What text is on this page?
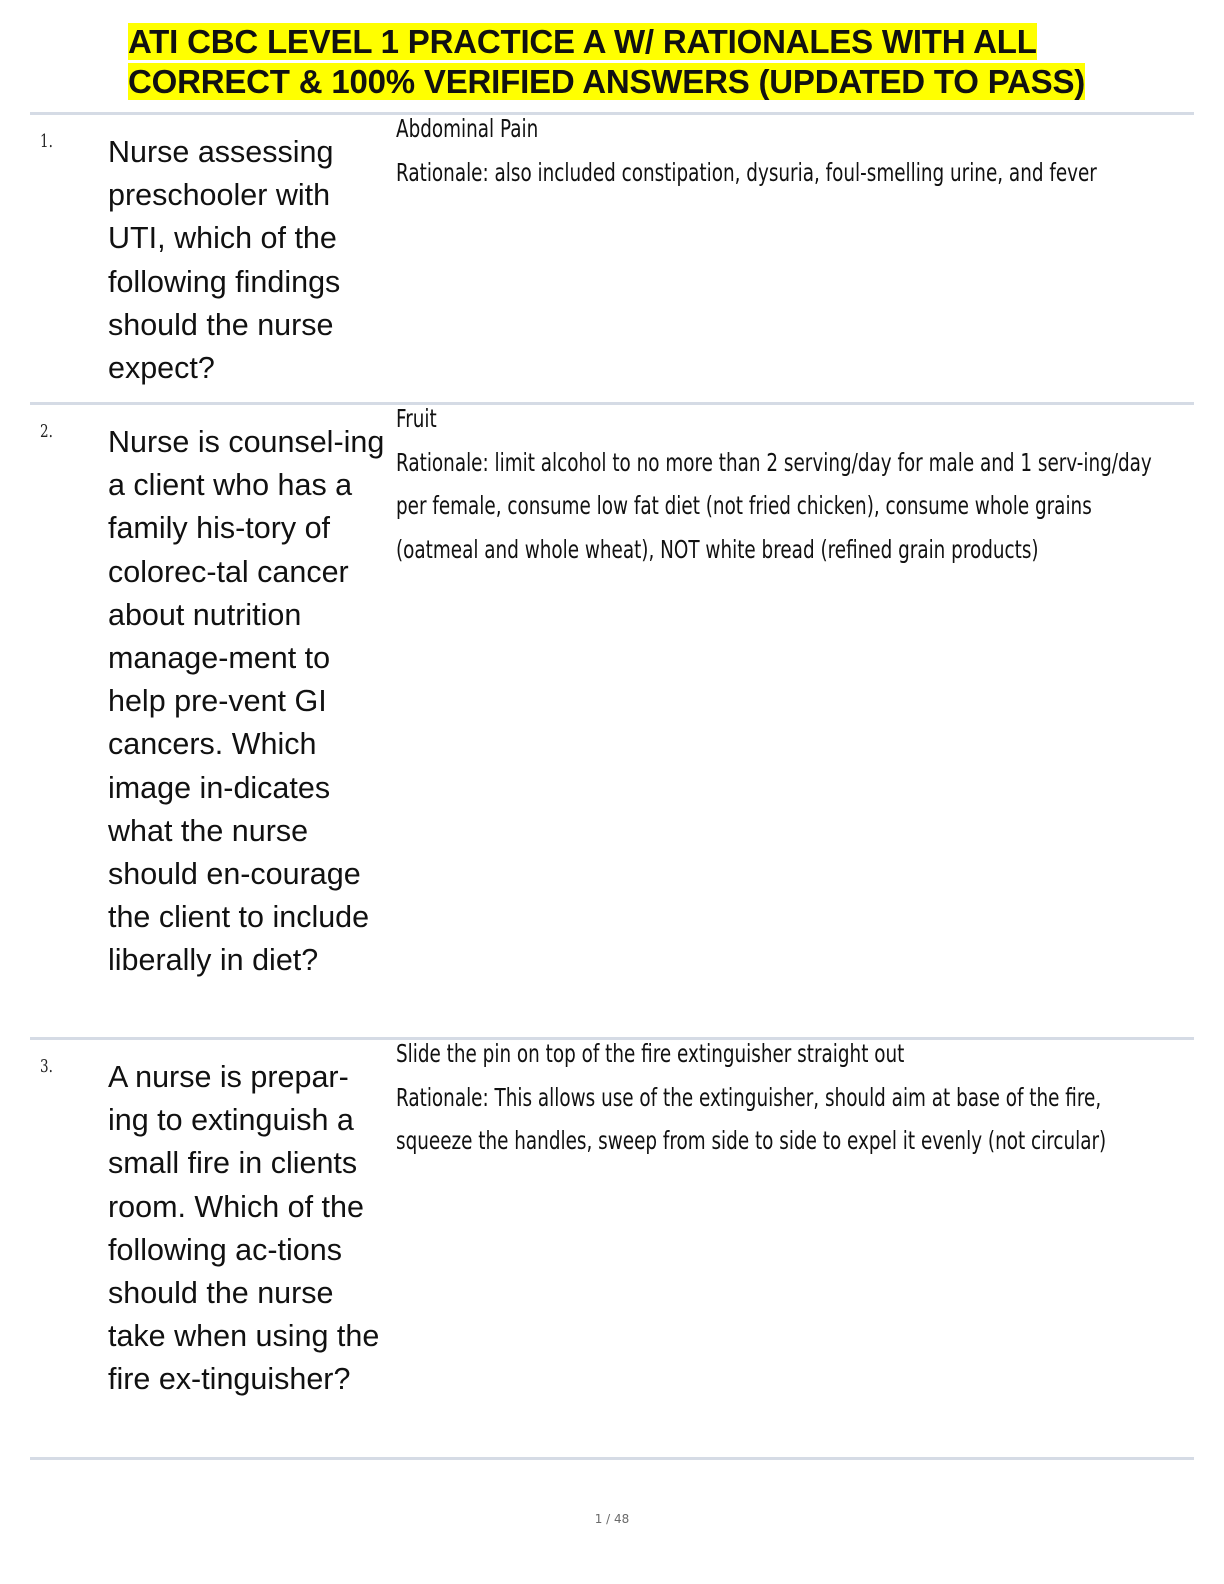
ATI CBC LEVEL 1 PRACTICE A W/ RATIONALES WITH ALL
CORRECT & 100% VERIFIED ANSWERS (UPDATED TO PASS)
1. Nurse assessing preschooler with UTI, which of the following findings should the nurse expect?
Abdominal Pain
Rationale: also included constipation, dysuria, foul-smelling urine, and fever
2. Nurse is counsel-ing a client who has a family his-tory of colorec-tal cancer about nutrition manage-ment to help pre-vent GI cancers. Which image in-dicates what the nurse should en-courage the client to include liberally in diet?
Fruit
Rationale: limit alcohol to no more than 2 serving/day for male and 1 serv-ing/day per female, consume low fat diet (not fried chicken), consume whole grains (oatmeal and whole wheat), NOT white bread (refined grain products)
3. A nurse is prepar-ing to extinguish a small fire in clients room. Which of the following ac-tions should the nurse take when using the fire ex-tinguisher?
Slide the pin on top of the fire extinguisher straight out
Rationale: This allows use of the extinguisher, should aim at base of the fire, squeeze the handles, sweep from side to side to expel it evenly (not circular)
1 / 48
